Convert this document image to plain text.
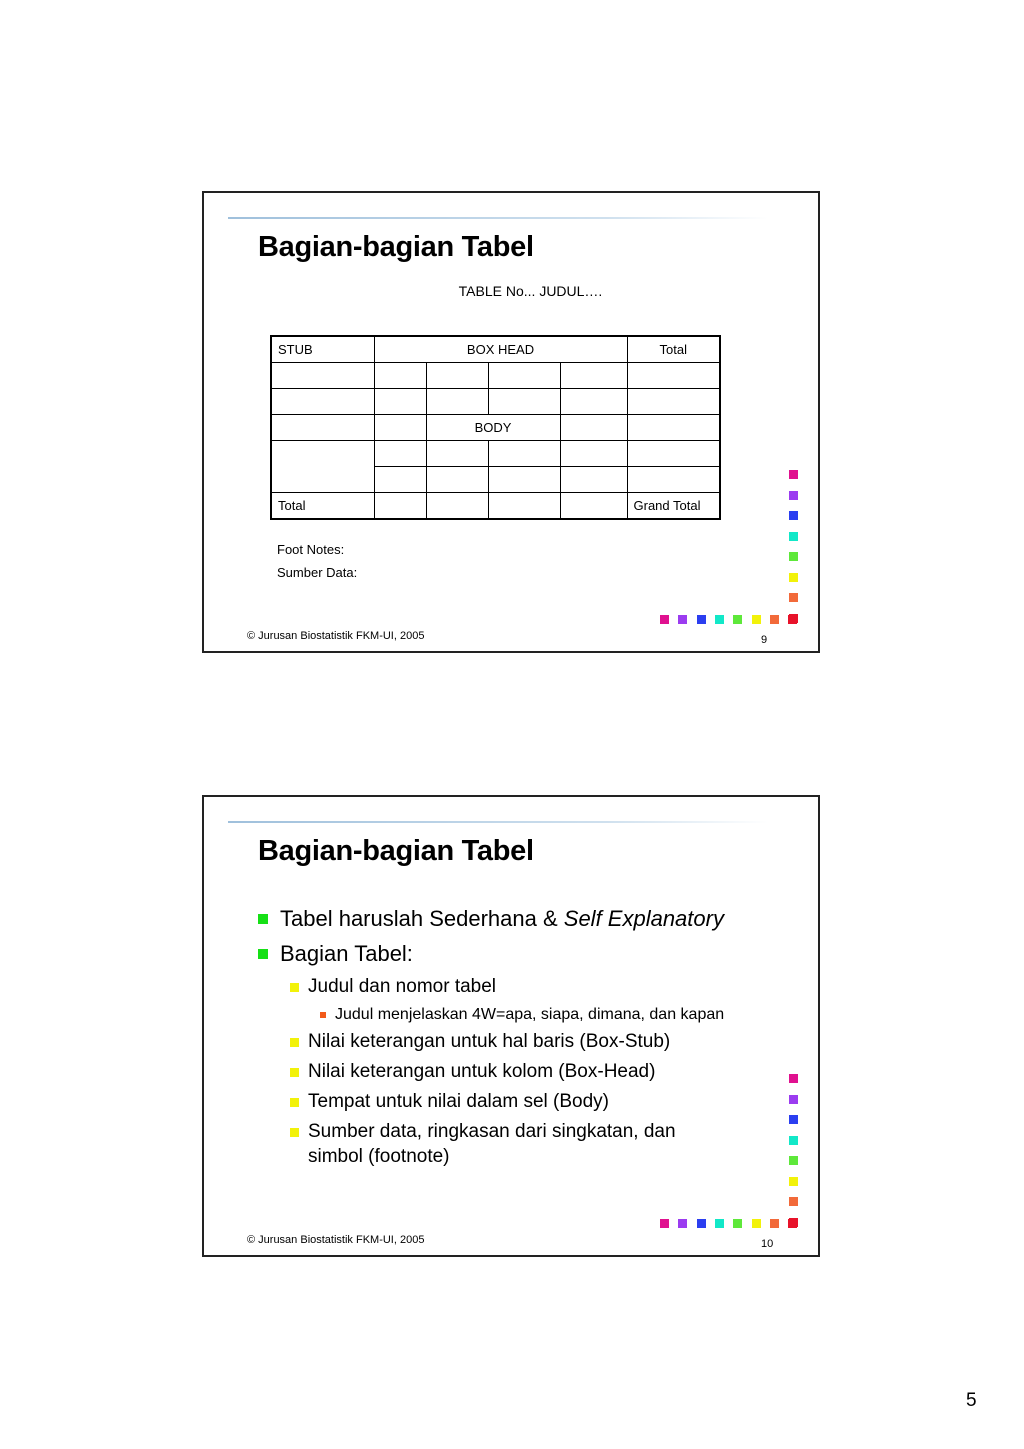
Bagian-bagian Tabel
TABLE No... JUDUL….
STUB	BOX HEAD				Total

		BODY			

Total					Grand Total
Foot Notes:
Sumber Data:
© Jurusan Biostatistik FKM-UI, 2005	9
Bagian-bagian Tabel
Tabel haruslah Sederhana & Self Explanatory
Bagian Tabel:
Judul dan nomor tabel
Judul menjelaskan 4W=apa, siapa, dimana, dan kapan
Nilai keterangan untuk hal baris (Box-Stub)
Nilai keterangan untuk kolom (Box-Head)
Tempat untuk nilai dalam sel (Body)
Sumber data, ringkasan dari singkatan, dan
simbol (footnote)
© Jurusan Biostatistik FKM-UI, 2005	10
5
